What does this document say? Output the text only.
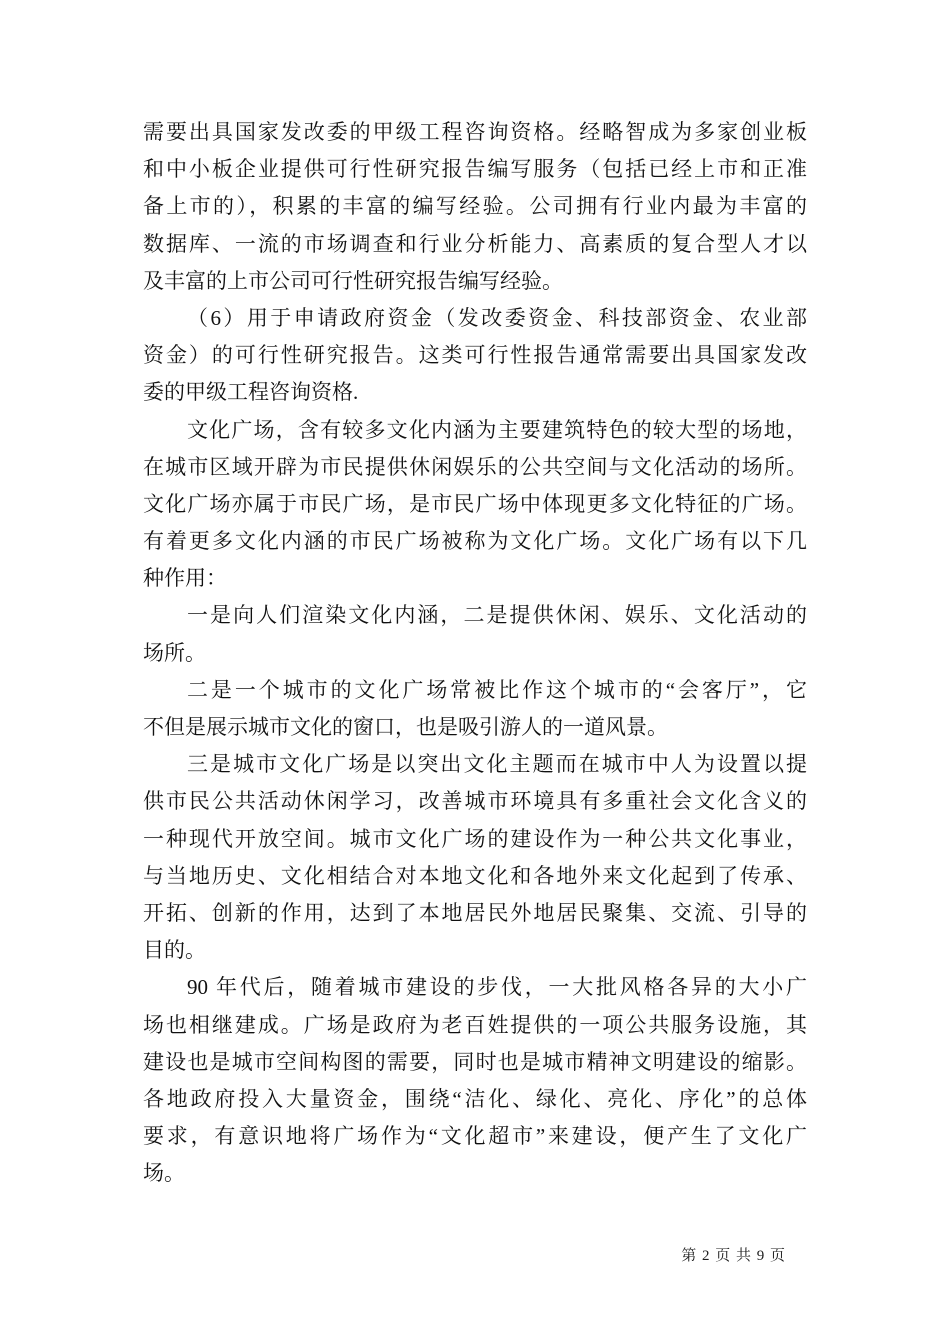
需要出具国家发改委的甲级工程咨询资格。经略智成为多家创业板
和中小板企业提供可行性研究报告编写服务（包括已经上市和正准
备上市的），积累的丰富的编写经验。公司拥有行业内最为丰富的
数据库、一流的市场调查和行业分析能力、高素质的复合型人才以
及丰富的上市公司可行性研究报告编写经验。
（6）用于申请政府资金（发改委资金、科技部资金、农业部
资金）的可行性研究报告。这类可行性报告通常需要出具国家发改
委的甲级工程咨询资格.
文化广场，含有较多文化内涵为主要建筑特色的较大型的场地，
在城市区域开辟为市民提供休闲娱乐的公共空间与文化活动的场所。
文化广场亦属于市民广场，是市民广场中体现更多文化特征的广场。
有着更多文化内涵的市民广场被称为文化广场。文化广场有以下几
种作用：
一是向人们渲染文化内涵，二是提供休闲、娱乐、文化活动的
场所。
二是一个城市的文化广场常被比作这个城市的“会客厅”，它
不但是展示城市文化的窗口，也是吸引游人的一道风景。
三是城市文化广场是以突出文化主题而在城市中人为设置以提
供市民公共活动休闲学习，改善城市环境具有多重社会文化含义的
一种现代开放空间。城市文化广场的建设作为一种公共文化事业，
与当地历史、文化相结合对本地文化和各地外来文化起到了传承、
开拓、创新的作用，达到了本地居民外地居民聚集、交流、引导的
目的。
90 年代后，随着城市建设的步伐，一大批风格各异的大小广
场也相继建成。广场是政府为老百姓提供的一项公共服务设施，其
建设也是城市空间构图的需要，同时也是城市精神文明建设的缩影。
各地政府投入大量资金，围绕“洁化、绿化、亮化、序化”的总体
要求，有意识地将广场作为“文化超市”来建设，便产生了文化广
场。
第 2 页 共 9 页
